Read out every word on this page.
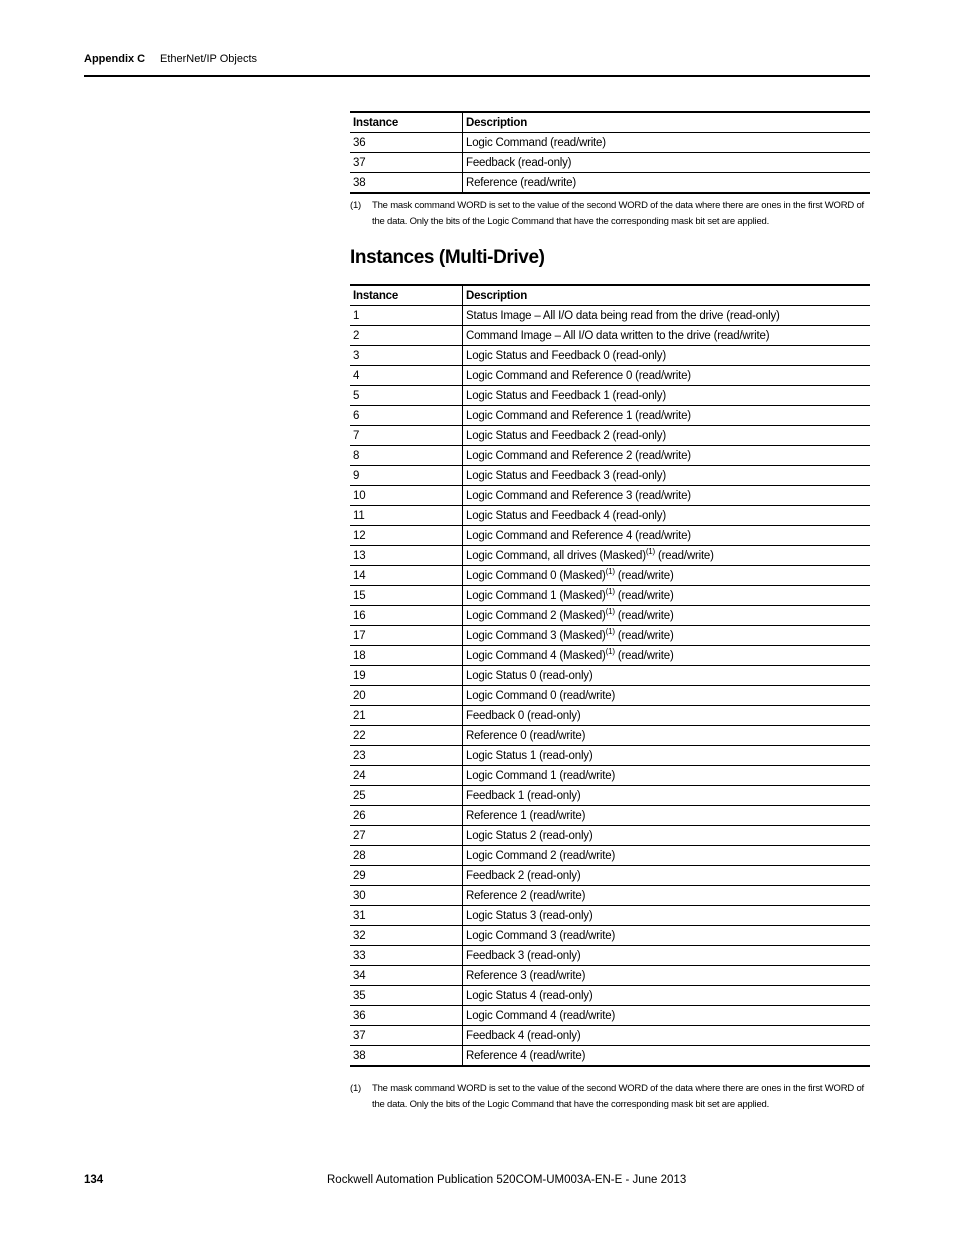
Appendix C EtherNet/IP Objects
Instance	Description
36	Logic Command (read/write)
37	Feedback (read-only)
38	Reference (read/write)
(1) The mask command WORD is set to the value of the second WORD of the data where there are ones in the first WORD of the data. Only the bits of the Logic Command that have the corresponding mask bit set are applied.
Instances (Multi-Drive)
Instance	Description
1	Status Image – All I/O data being read from the drive (read-only)
2	Command Image – All I/O data written to the drive (read/write)
3	Logic Status and Feedback 0 (read-only)
4	Logic Command and Reference 0 (read/write)
5	Logic Status and Feedback 1 (read-only)
6	Logic Command and Reference 1 (read/write)
7	Logic Status and Feedback 2 (read-only)
8	Logic Command and Reference 2 (read/write)
9	Logic Status and Feedback 3 (read-only)
10	Logic Command and Reference 3 (read/write)
11	Logic Status and Feedback 4 (read-only)
12	Logic Command and Reference 4 (read/write)
13	Logic Command, all drives (Masked)$^{(1)}$ (read/write)
14	Logic Command 0 (Masked)$^{(1)}$ (read/write)
15	Logic Command 1 (Masked)$^{(1)}$ (read/write)
16	Logic Command 2 (Masked)$^{(1)}$ (read/write)
17	Logic Command 3 (Masked)$^{(1)}$ (read/write)
18	Logic Command 4 (Masked)$^{(1)}$ (read/write)
19	Logic Status 0 (read-only)
20	Logic Command 0 (read/write)
21	Feedback 0 (read-only)
22	Reference 0 (read/write)
23	Logic Status 1 (read-only)
24	Logic Command 1 (read/write)
25	Feedback 1 (read-only)
26	Reference 1 (read/write)
27	Logic Status 2 (read-only)
28	Logic Command 2 (read/write)
29	Feedback 2 (read-only)
30	Reference 2 (read/write)
31	Logic Status 3 (read-only)
32	Logic Command 3 (read/write)
33	Feedback 3 (read-only)
34	Reference 3 (read/write)
35	Logic Status 4 (read-only)
36	Logic Command 4 (read/write)
37	Feedback 4 (read-only)
38	Reference 4 (read/write)
(1) The mask command WORD is set to the value of the second WORD of the data where there are ones in the first WORD of the data. Only the bits of the Logic Command that have the corresponding mask bit set are applied.
134	Rockwell Automation Publication 520COM-UM003A-EN-E - June 2013
